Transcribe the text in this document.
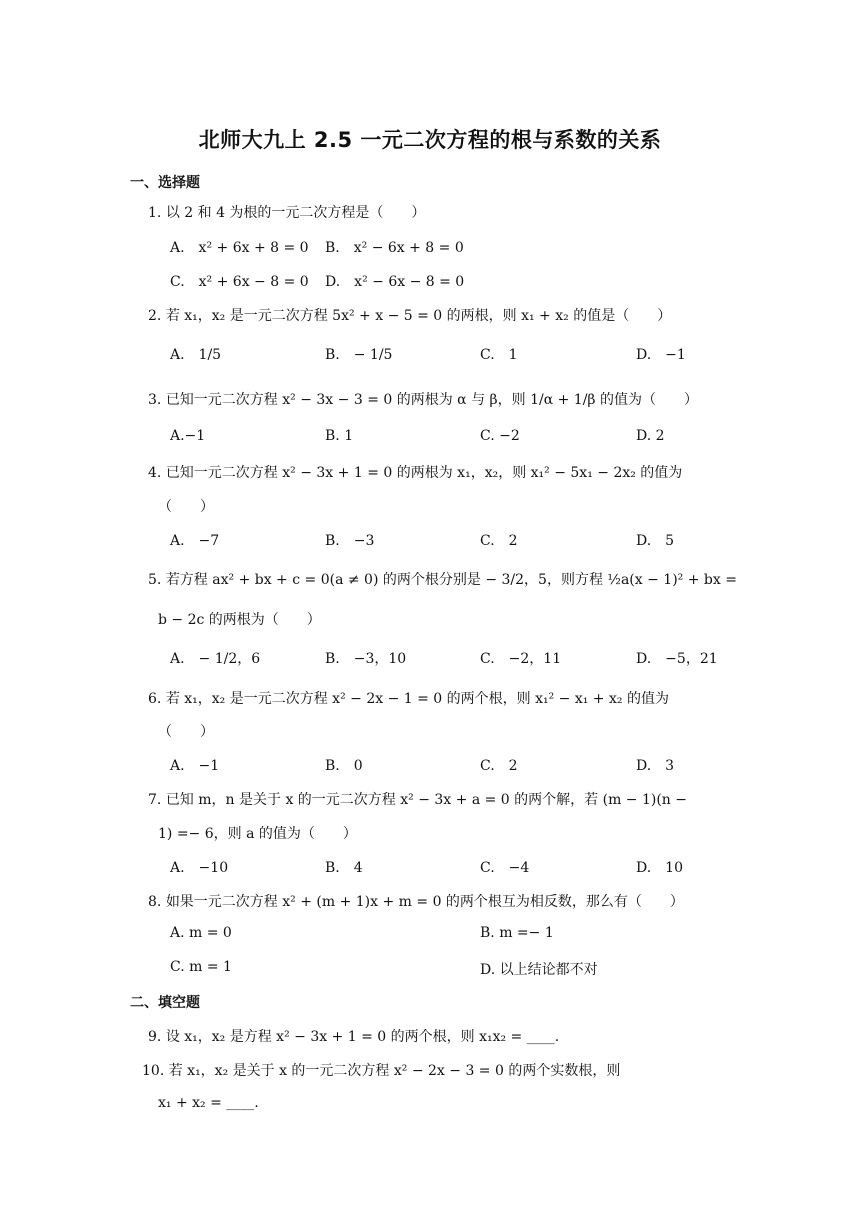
北师大九上 2.5 一元二次方程的根与系数的关系
一、选择题
1. 以 2 和 4 为根的一元二次方程是（　　）
A.　x² + 6x + 8 = 0 B.　x² − 6x + 8 = 0
C.　x² + 6x − 8 = 0 D.　x² − 6x − 8 = 0
2. 若 x₁，x₂ 是一元二次方程 5x² + x − 5 = 0 的两根，则 x₁ + x₂ 的值是（　　）
A.　1/5	B.　− 1/5	C.　1	D.　−1
3. 已知一元二次方程 x² − 3x − 3 = 0 的两根为 α 与 β，则 1/α + 1/β 的值为（　　）
A.−1	B. 1	C. −2	D. 2
4. 已知一元二次方程 x² − 3x + 1 = 0 的两根为 x₁，x₂，则 x₁² − 5x₁ − 2x₂ 的值为
（　　）
A.　−7	B.　−3	C.　2	D.　5
5. 若方程 ax² + bx + c = 0(a ≠ 0) 的两个根分别是 − 3/2，5，则方程 ½a(x − 1)² + bx =
b − 2c 的两根为（　　）
A.　− 1/2，6	B.　−3，10	C.　−2，11	D.　−5，21
6. 若 x₁，x₂ 是一元二次方程 x² − 2x − 1 = 0 的两个根，则 x₁² − x₁ + x₂ 的值为
（　　）
A.　−1	B.　0	C.　2	D.　3
7. 已知 m，n 是关于 x 的一元二次方程 x² − 3x + a = 0 的两个解，若 (m − 1)(n −
1) =− 6，则 a 的值为（　　）
A.　−10	B.　4	C.　−4	D.　10
8. 如果一元二次方程 x² + (m + 1)x + m = 0 的两个根互为相反数，那么有（　　）
A. m = 0	B. m =− 1
C. m = 1	D. 以上结论都不对
二、填空题
9. 设 x₁，x₂ 是方程 x² − 3x + 1 = 0 的两个根，则 x₁x₂ = ____.
10. 若 x₁，x₂ 是关于 x 的一元二次方程 x² − 2x − 3 = 0 的两个实数根，则
x₁ + x₂ = ____.
